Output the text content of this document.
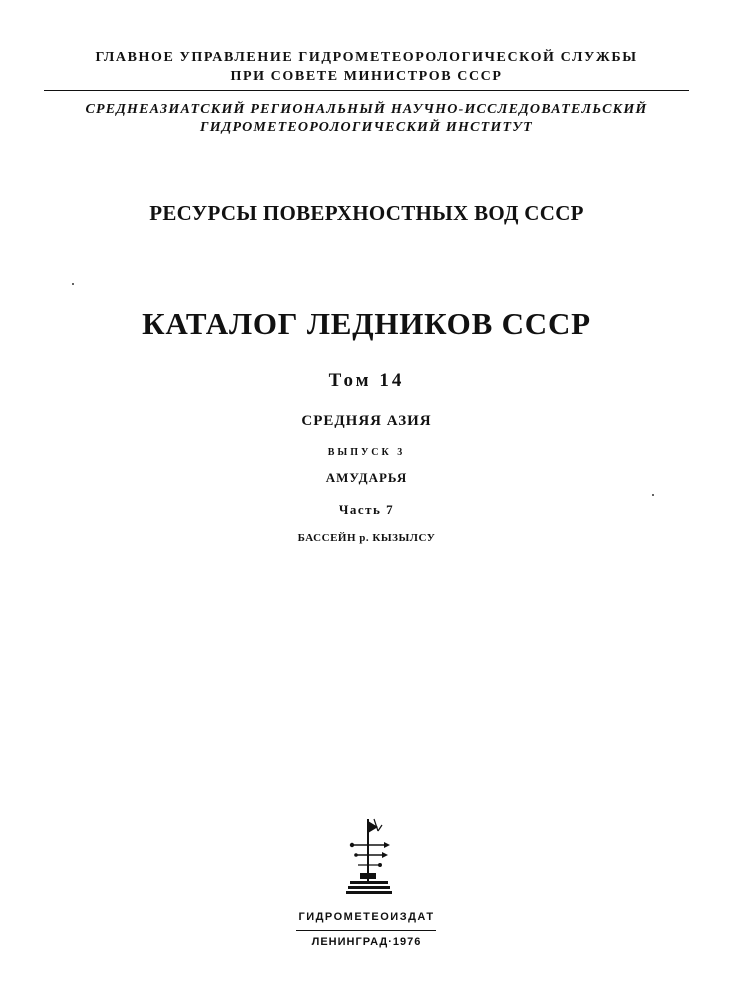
ГЛАВНОЕ УПРАВЛЕНИЕ ГИДРОМЕТЕОРОЛОГИЧЕСКОЙ СЛУЖБЫ
ПРИ СОВЕТЕ МИНИСТРОВ СССР
СРЕДНЕАЗИАТСКИЙ РЕГИОНАЛЬНЫЙ НАУЧНО-ИССЛЕДОВАТЕЛЬСКИЙ
ГИДРОМЕТЕОРОЛОГИЧЕСКИЙ ИНСТИТУТ
РЕСУРСЫ ПОВЕРХНОСТНЫХ ВОД СССР
КАТАЛОГ ЛЕДНИКОВ СССР
Том 14
СРЕДНЯЯ АЗИЯ
ВЫПУСК 3
АМУДАРЬЯ
Часть 7
БАССЕЙН р. КЫЗЫЛСУ
ГИДРОМЕТЕОИЗДАТ
ЛЕНИНГРАД·1976
